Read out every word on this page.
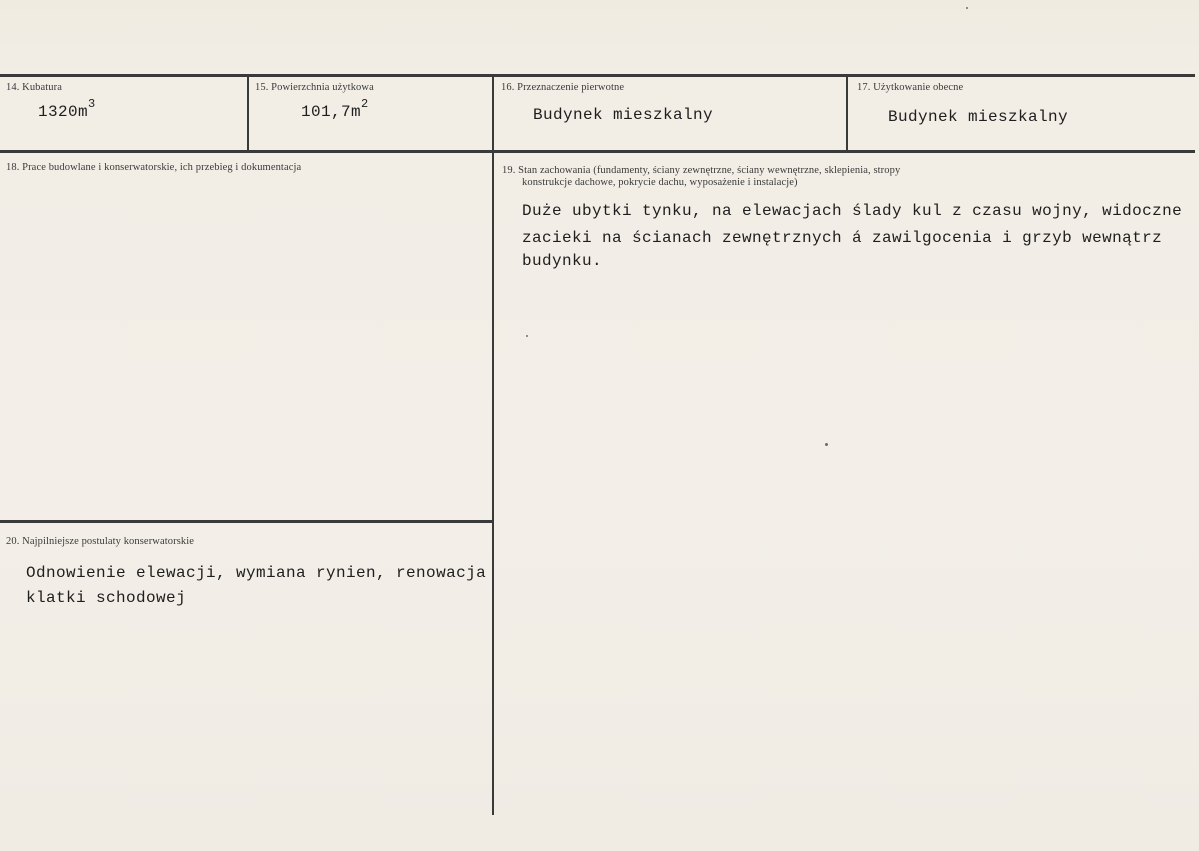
14. Kubatura
$1320m^3$
15. Powierzchnia użytkowa
$101,7m^2$
16. Przeznaczenie pierwotne
Budynek mieszkalny
17. Użytkowanie obecne
Budynek mieszkalny
18. Prace budowlane i konserwatorskie, ich przebieg i dokumentacja	19. Stan zachowania (fundamenty, ściany zewnętrzne, ściany wewnętrzne, sklepienia, stropy
konstrukcje dachowe, pokrycie dachu, wyposażenie i instalacje)
Duże ubytki tynku, na elewacjach ślady kul z czasu wojny, widoczne
zacieki na ścianach zewnętrznych á zawilgocenia i grzyb wewnątrz
budynku.
20. Najpilniejsze postulaty konserwatorskie
Odnowienie elewacji, wymiana rynien, renowacja
klatki schodowej
